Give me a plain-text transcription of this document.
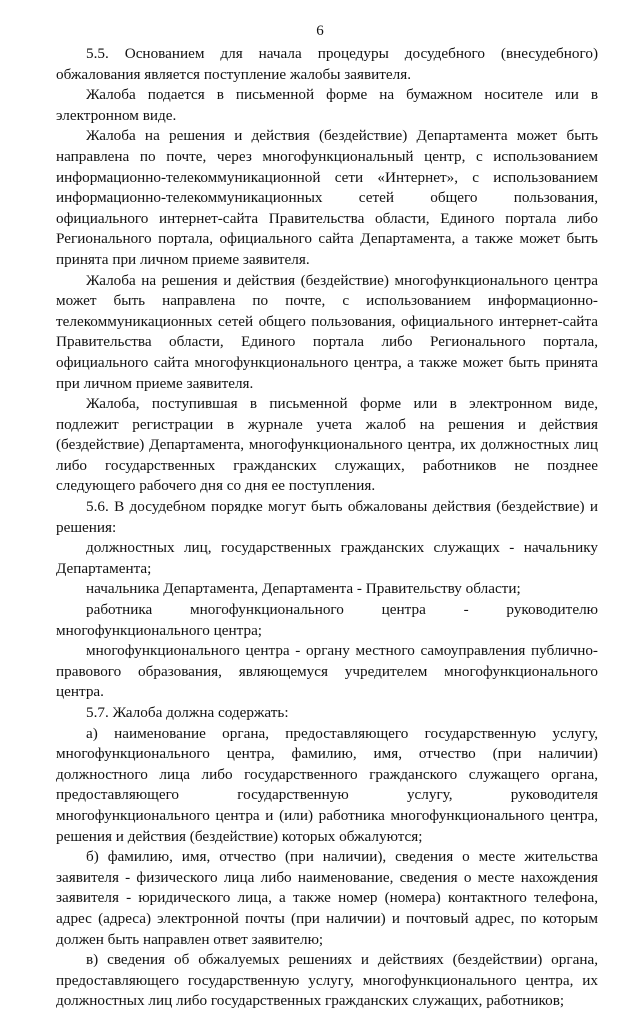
6
5.5. Основанием для начала процедуры досудебного (внесудебного)
обжалования является поступление жалобы заявителя.
Жалоба подается в письменной форме на бумажном носителе или в
электронном виде.
Жалоба на решения и действия (бездействие) Департамента может быть
направлена по почте, через многофункциональный центр, с использованием
информационно-телекоммуникационной сети «Интернет», с использованием
информационно-телекоммуникационных сетей общего пользования,
официального интернет-сайта Правительства области, Единого портала либо
Регионального портала, официального сайта Департамента, а также может быть
принята при личном приеме заявителя.
Жалоба на решения и действия (бездействие) многофункционального центра
может быть направлена по почте, с использованием информационно-
телекоммуникационных сетей общего пользования, официального интернет-сайта
Правительства области, Единого портала либо Регионального портала,
официального сайта многофункционального центра, а также может быть принята
при личном приеме заявителя.
Жалоба, поступившая в письменной форме или в электронном виде,
подлежит регистрации в журнале учета жалоб на решения и действия
(бездействие) Департамента, многофункционального центра, их должностных лиц
либо государственных гражданских служащих, работников не позднее
следующего рабочего дня со дня ее поступления.
5.6. В досудебном порядке могут быть обжалованы действия (бездействие) и
решения:
должностных лиц, государственных гражданских служащих - начальнику
Департамента;
начальника Департамента, Департамента - Правительству области;
работника многофункционального центра - руководителю
многофункционального центра;
многофункционального центра - органу местного самоуправления публично-
правового образования, являющемуся учредителем многофункционального
центра.
5.7. Жалоба должна содержать:
а) наименование органа, предоставляющего государственную услугу,
многофункционального центра, фамилию, имя, отчество (при наличии)
должностного лица либо государственного гражданского служащего органа,
предоставляющего государственную услугу, руководителя
многофункционального центра и (или) работника многофункционального центра,
решения и действия (бездействие) которых обжалуются;
б) фамилию, имя, отчество (при наличии), сведения о месте жительства
заявителя - физического лица либо наименование, сведения о месте нахождения
заявителя - юридического лица, а также номер (номера) контактного телефона,
адрес (адреса) электронной почты (при наличии) и почтовый адрес, по которым
должен быть направлен ответ заявителю;
в) сведения об обжалуемых решениях и действиях (бездействии) органа,
предоставляющего государственную услугу, многофункционального центра, их
должностных лиц либо государственных гражданских служащих, работников;
